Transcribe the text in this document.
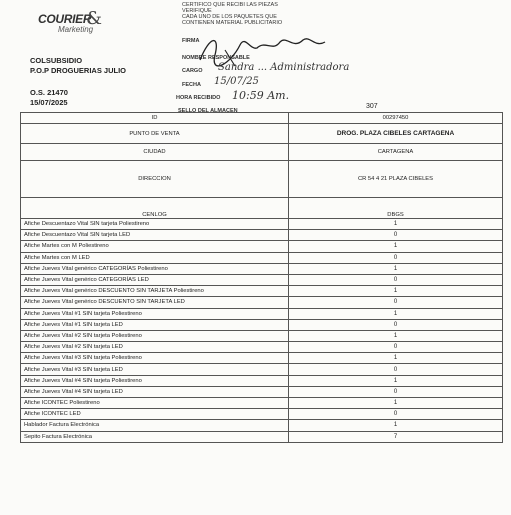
COURIER
&
Marketing
CERTIFICO QUE RECIBI LAS PIEZAS
VERIFIQUE
CADA UNO DE LOS PAQUETES QUE
CONTIENEN MATERIAL PUBLICITARIO
FIRMA
NOMBRE RESPONSABLE
CARGO
FECHA
HORA RECIBIDO
SELLO DEL ALMACEN
Sandra ... Administradora
15/07/25
10:59 Am.
COLSUBSIDIO
P.O.P DROGUERIAS JULIO
O.S. 21470
15/07/2025	307
ID	00297450
PUNTO DE VENTA	DROG. PLAZA CIBELES CARTAGENA
CIUDAD	CARTAGENA
DIRECCION	CR 54 4 21 PLAZA CIBELES
CENLOG	DBGS
Afiche Descuentazo Vital SIN tarjeta Poliestireno	1
Afiche Descuentazo Vital SIN tarjeta LED	0
Afiche Martes con M Poliestireno	1
Afiche Martes con M LED	0
Afiche Jueves Vital genérico CATEGORÍAS Poliestireno	1
Afiche Jueves Vital genérico CATEGORÍAS LED	0
Afiche Jueves Vital genérico DESCUENTO SIN TARJETA Poliestireno	1
Afiche Jueves Vital genérico DESCUENTO SIN TARJETA LED	0
Afiche Jueves Vital #1 SIN tarjeta Poliestireno	1
Afiche Jueves Vital #1 SIN tarjeta LED	0
Afiche Jueves Vital #2 SIN tarjeta Poliestireno	1
Afiche Jueves Vital #2 SIN tarjeta LED	0
Afiche Jueves Vital #3 SIN tarjeta Poliestireno	1
Afiche Jueves Vital #3 SIN tarjeta LED	0
Afiche Jueves Vital #4 SIN tarjeta Poliestireno	1
Afiche Jueves Vital #4 SIN tarjeta LED	0
Afiche ICONTEC Poliestireno	1
Afiche ICONTEC LED	0
Hablador Factura Electrónica	1
Sepito Factura Electrónica	7
